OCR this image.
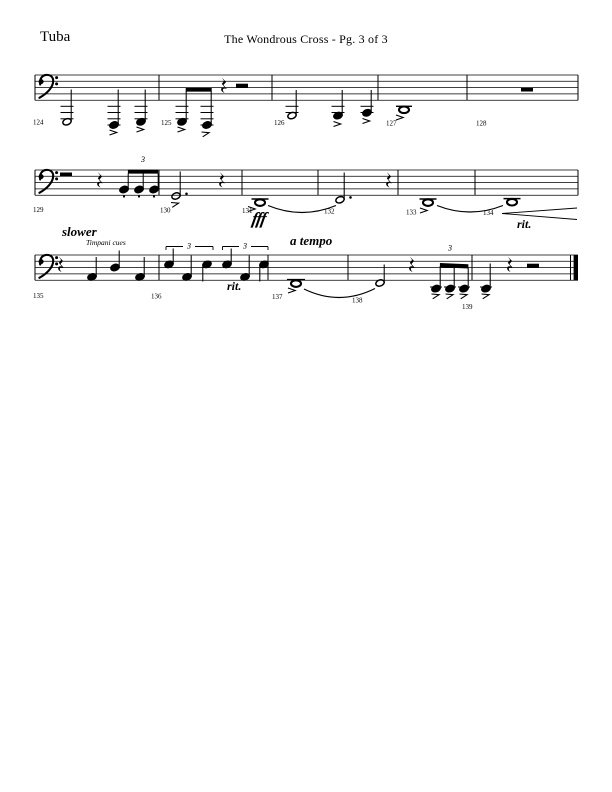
Tuba	The Wondrous Cross - Pg. 3 of 3
124	125	126	127	128
3
129	130	131	132	133	134
3	3	3
135	136	137	138
139
slower
Timpani cues	a tempo
rit.
rit.
fff
